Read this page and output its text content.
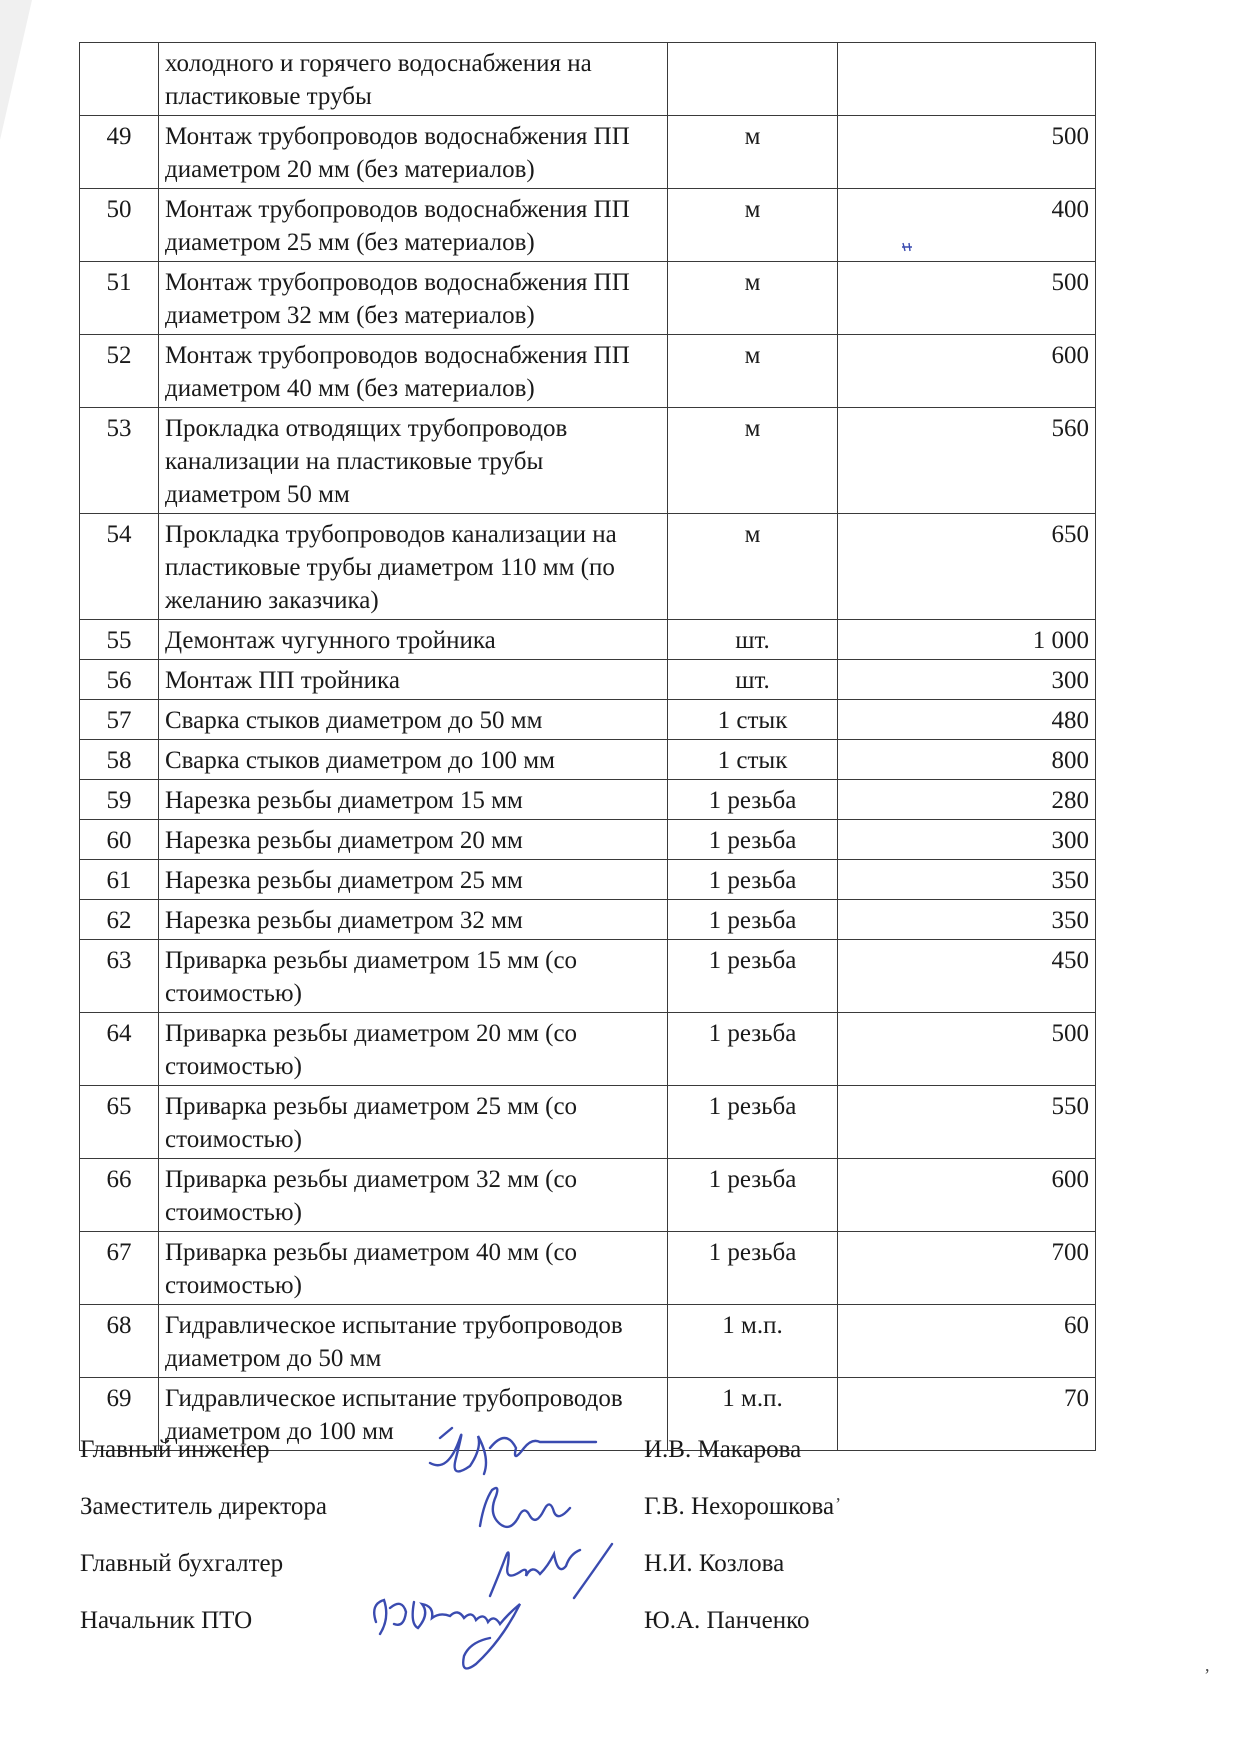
	холодного и горячего водоснабжения на пластиковые трубы		
49	Монтаж трубопроводов водоснабжения ПП диаметром 20 мм (без материалов)	м	500
50	Монтаж трубопроводов водоснабжения ПП диаметром 25 мм (без материалов)	м	400
51	Монтаж трубопроводов водоснабжения ПП диаметром 32 мм (без материалов)	м	500
52	Монтаж трубопроводов водоснабжения ПП диаметром 40 мм (без материалов)	м	600
53	Прокладка отводящих трубопроводов канализации на пластиковые трубы диаметром 50 мм	м	560
54	Прокладка трубопроводов канализации на пластиковые трубы диаметром 110 мм (по желанию заказчика)	м	650
55	Демонтаж чугунного тройника	шт.	1 000
56	Монтаж ПП тройника	шт.	300
57	Сварка стыков диаметром до 50 мм	1 стык	480
58	Сварка стыков диаметром до 100 мм	1 стык	800
59	Нарезка резьбы диаметром 15 мм	1 резьба	280
60	Нарезка резьбы диаметром 20 мм	1 резьба	300
61	Нарезка резьбы диаметром 25 мм	1 резьба	350
62	Нарезка резьбы диаметром 32 мм	1 резьба	350
63	Приварка резьбы диаметром 15 мм (со стоимостью)	1 резьба	450
64	Приварка резьбы диаметром 20 мм (со стоимостью)	1 резьба	500
65	Приварка резьбы диаметром 25 мм (со стоимостью)	1 резьба	550
66	Приварка резьбы диаметром 32 мм (со стоимостью)	1 резьба	600
67	Приварка резьбы диаметром 40 мм (со стоимостью)	1 резьба	700
68	Гидравлическое испытание трубопроводов диаметром до 50 мм	1 м.п.	60
69	Гидравлическое испытание трубопроводов диаметром до 100 мм	1 м.п.	70
Главный инженер	И.В. Макарова
Заместитель директора	Г.В. Нехорошкова
Главный бухгалтер	Н.И. Козлова
Начальник ПТО	Ю.А. Панченко
,
,
